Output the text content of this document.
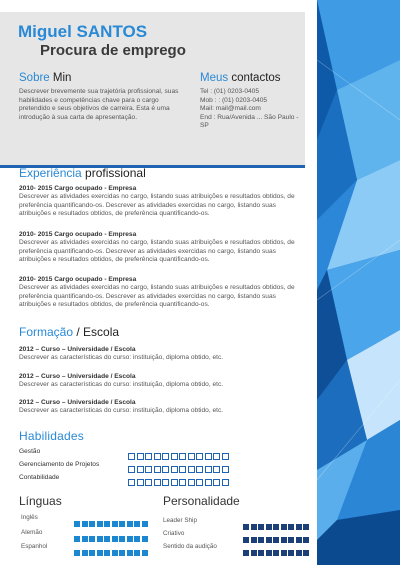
Miguel SANTOS
Procura de emprego
Sobre Min
Descrever brevemente sua trajetória profissional, suas habilidades e competências chave para o cargo pretendido e seus objetivos de carreira. Esta é uma introdução à sua carta de apresentação.
Meus contactos
Tel : (01) 0203-0405
Mob : : (01) 0203-0405
Mail: mail@mail.com
End : Rua/Avenida ... São Paulo - SP
Experiência profissional
2010- 2015 Cargo ocupado - Empresa
Descrever as atividades exercidas no cargo, listando suas atribuições e resultados obtidos, de preferência quantificando-os. Descrever as atividades exercidas no cargo, listando suas atribuições e resultados obtidos, de preferência quantificando-os.
2010- 2015 Cargo ocupado - Empresa
Descrever as atividades exercidas no cargo, listando suas atribuições e resultados obtidos, de preferência quantificando-os. Descrever as atividades exercidas no cargo, listando suas atribuições e resultados obtidos, de preferência quantificando-os.
2010- 2015 Cargo ocupado - Empresa
Descrever as atividades exercidas no cargo, listando suas atribuições e resultados obtidos, de preferência quantificando-os. Descrever as atividades exercidas no cargo, listando suas atribuições e resultados obtidos, de preferência quantificando-os.
Formação / Escola
2012 – Curso – Universidade / Escola
Descrever as características do curso: instituição, diploma obtido, etc.
2012 – Curso – Universidade / Escola
Descrever as características do curso: instituição, diploma obtido, etc.
2012 – Curso – Universidade / Escola
Descrever as características do curso: instituição, diploma obtido, etc.
Habilidades
Gestão
Gerenciamento de Projetos
Contabilidade
Línguas
Inglês
Alemão
Espanhol
Personalidade
Leader Ship
Criativo
Sentido da audição
